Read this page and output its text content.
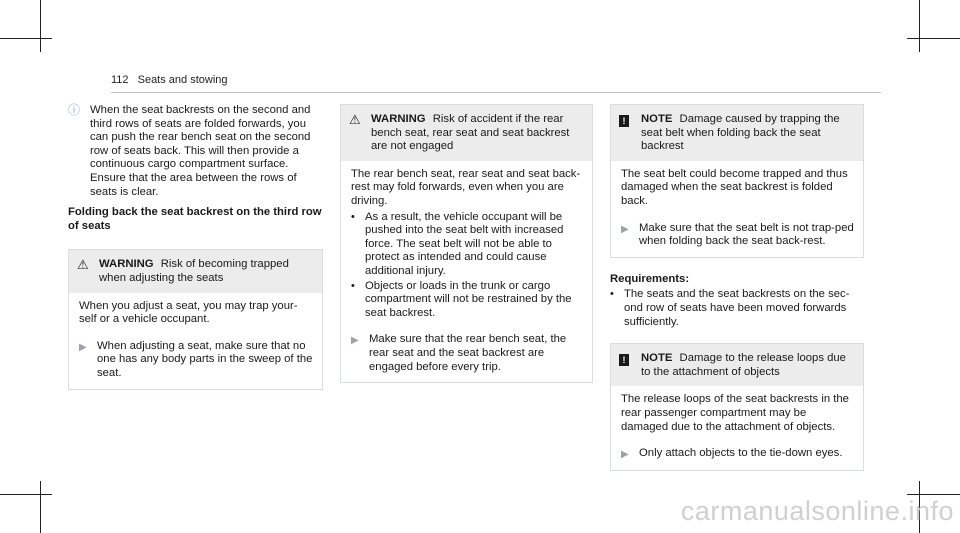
112 Seats and stowing
ⓘ When the seat backrests on the second and third rows of seats are folded forwards, you can push the rear bench seat on the second row of seats back. This will then provide a continuous cargo compartment surface. Ensure that the area between the rows of seats is clear.
Folding back the seat backrest on the third row of seats
⚠ WARNING Risk of becoming trapped when adjusting the seats

When you adjust a seat, you may trap your-self or a vehicle occupant.

▶ When adjusting a seat, make sure that no one has any body parts in the sweep of the seat.
⚠ WARNING Risk of accident if the rear bench seat, rear seat and seat backrest are not engaged

The rear bench seat, rear seat and seat back-rest may fold forwards, even when you are driving.

• As a result, the vehicle occupant will be pushed into the seat belt with increased force. The seat belt will not be able to protect as intended and could cause additional injury.
• Objects or loads in the trunk or cargo compartment will not be restrained by the seat backrest.
▶ Make sure that the rear bench seat, the rear seat and the seat backrest are engaged before every trip.
!	NOTE Damage caused by trapping the seat belt when folding back the seat backrest

The seat belt could become trapped and thus damaged when the seat backrest is folded back.

▶ Make sure that the seat belt is not trap-ped when folding back the seat back-rest.
Requirements:
• The seats and the seat backrests on the sec-ond row of seats have been moved forwards sufficiently.
!	NOTE Damage to the release loops due to the attachment of objects

The release loops of the seat backrests in the rear passenger compartment may be damaged due to the attachment of objects.

▶ Only attach objects to the tie-down eyes.
carmanualsonline.info
